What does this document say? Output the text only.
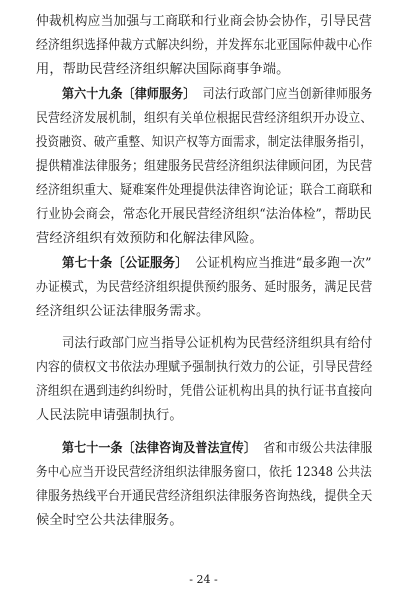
仲裁机构应当加强与工商联和行业商会协会协作，引导民营
经济组织选择仲裁方式解决纠纷，并发挥东北亚国际仲裁中心作
用，帮助民营经济组织解决国际商事争端。
第六十九条〔律师服务〕 司法行政部门应当创新律师服务
民营经济发展机制，组织有关单位根据民营经济组织开办设立、
投资融资、破产重整、知识产权等方面需求，制定法律服务指引，
提供精准法律服务；组建服务民营经济组织法律顾问团，为民营
经济组织重大、疑难案件处理提供法律咨询论证；联合工商联和
行业协会商会，常态化开展民营经济组织“法治体检”，帮助民
营经济组织有效预防和化解法律风险。
第七十条〔公证服务〕 公证机构应当推进“最多跑一次”
办证模式，为民营经济组织提供预约服务、延时服务，满足民营
经济组织公证法律服务需求。
司法行政部门应当指导公证机构为民营经济组织具有给付
内容的债权文书依法办理赋予强制执行效力的公证，引导民营经
济组织在遇到违约纠纷时，凭借公证机构出具的执行证书直接向
人民法院申请强制执行。
第七十一条〔法律咨询及普法宣传〕 省和市级公共法律服
务中心应当开设民营经济组织法律服务窗口，依托 12348 公共法
律服务热线平台开通民营经济组织法律服务咨询热线，提供全天
候全时空公共法律服务。
- 24 -
